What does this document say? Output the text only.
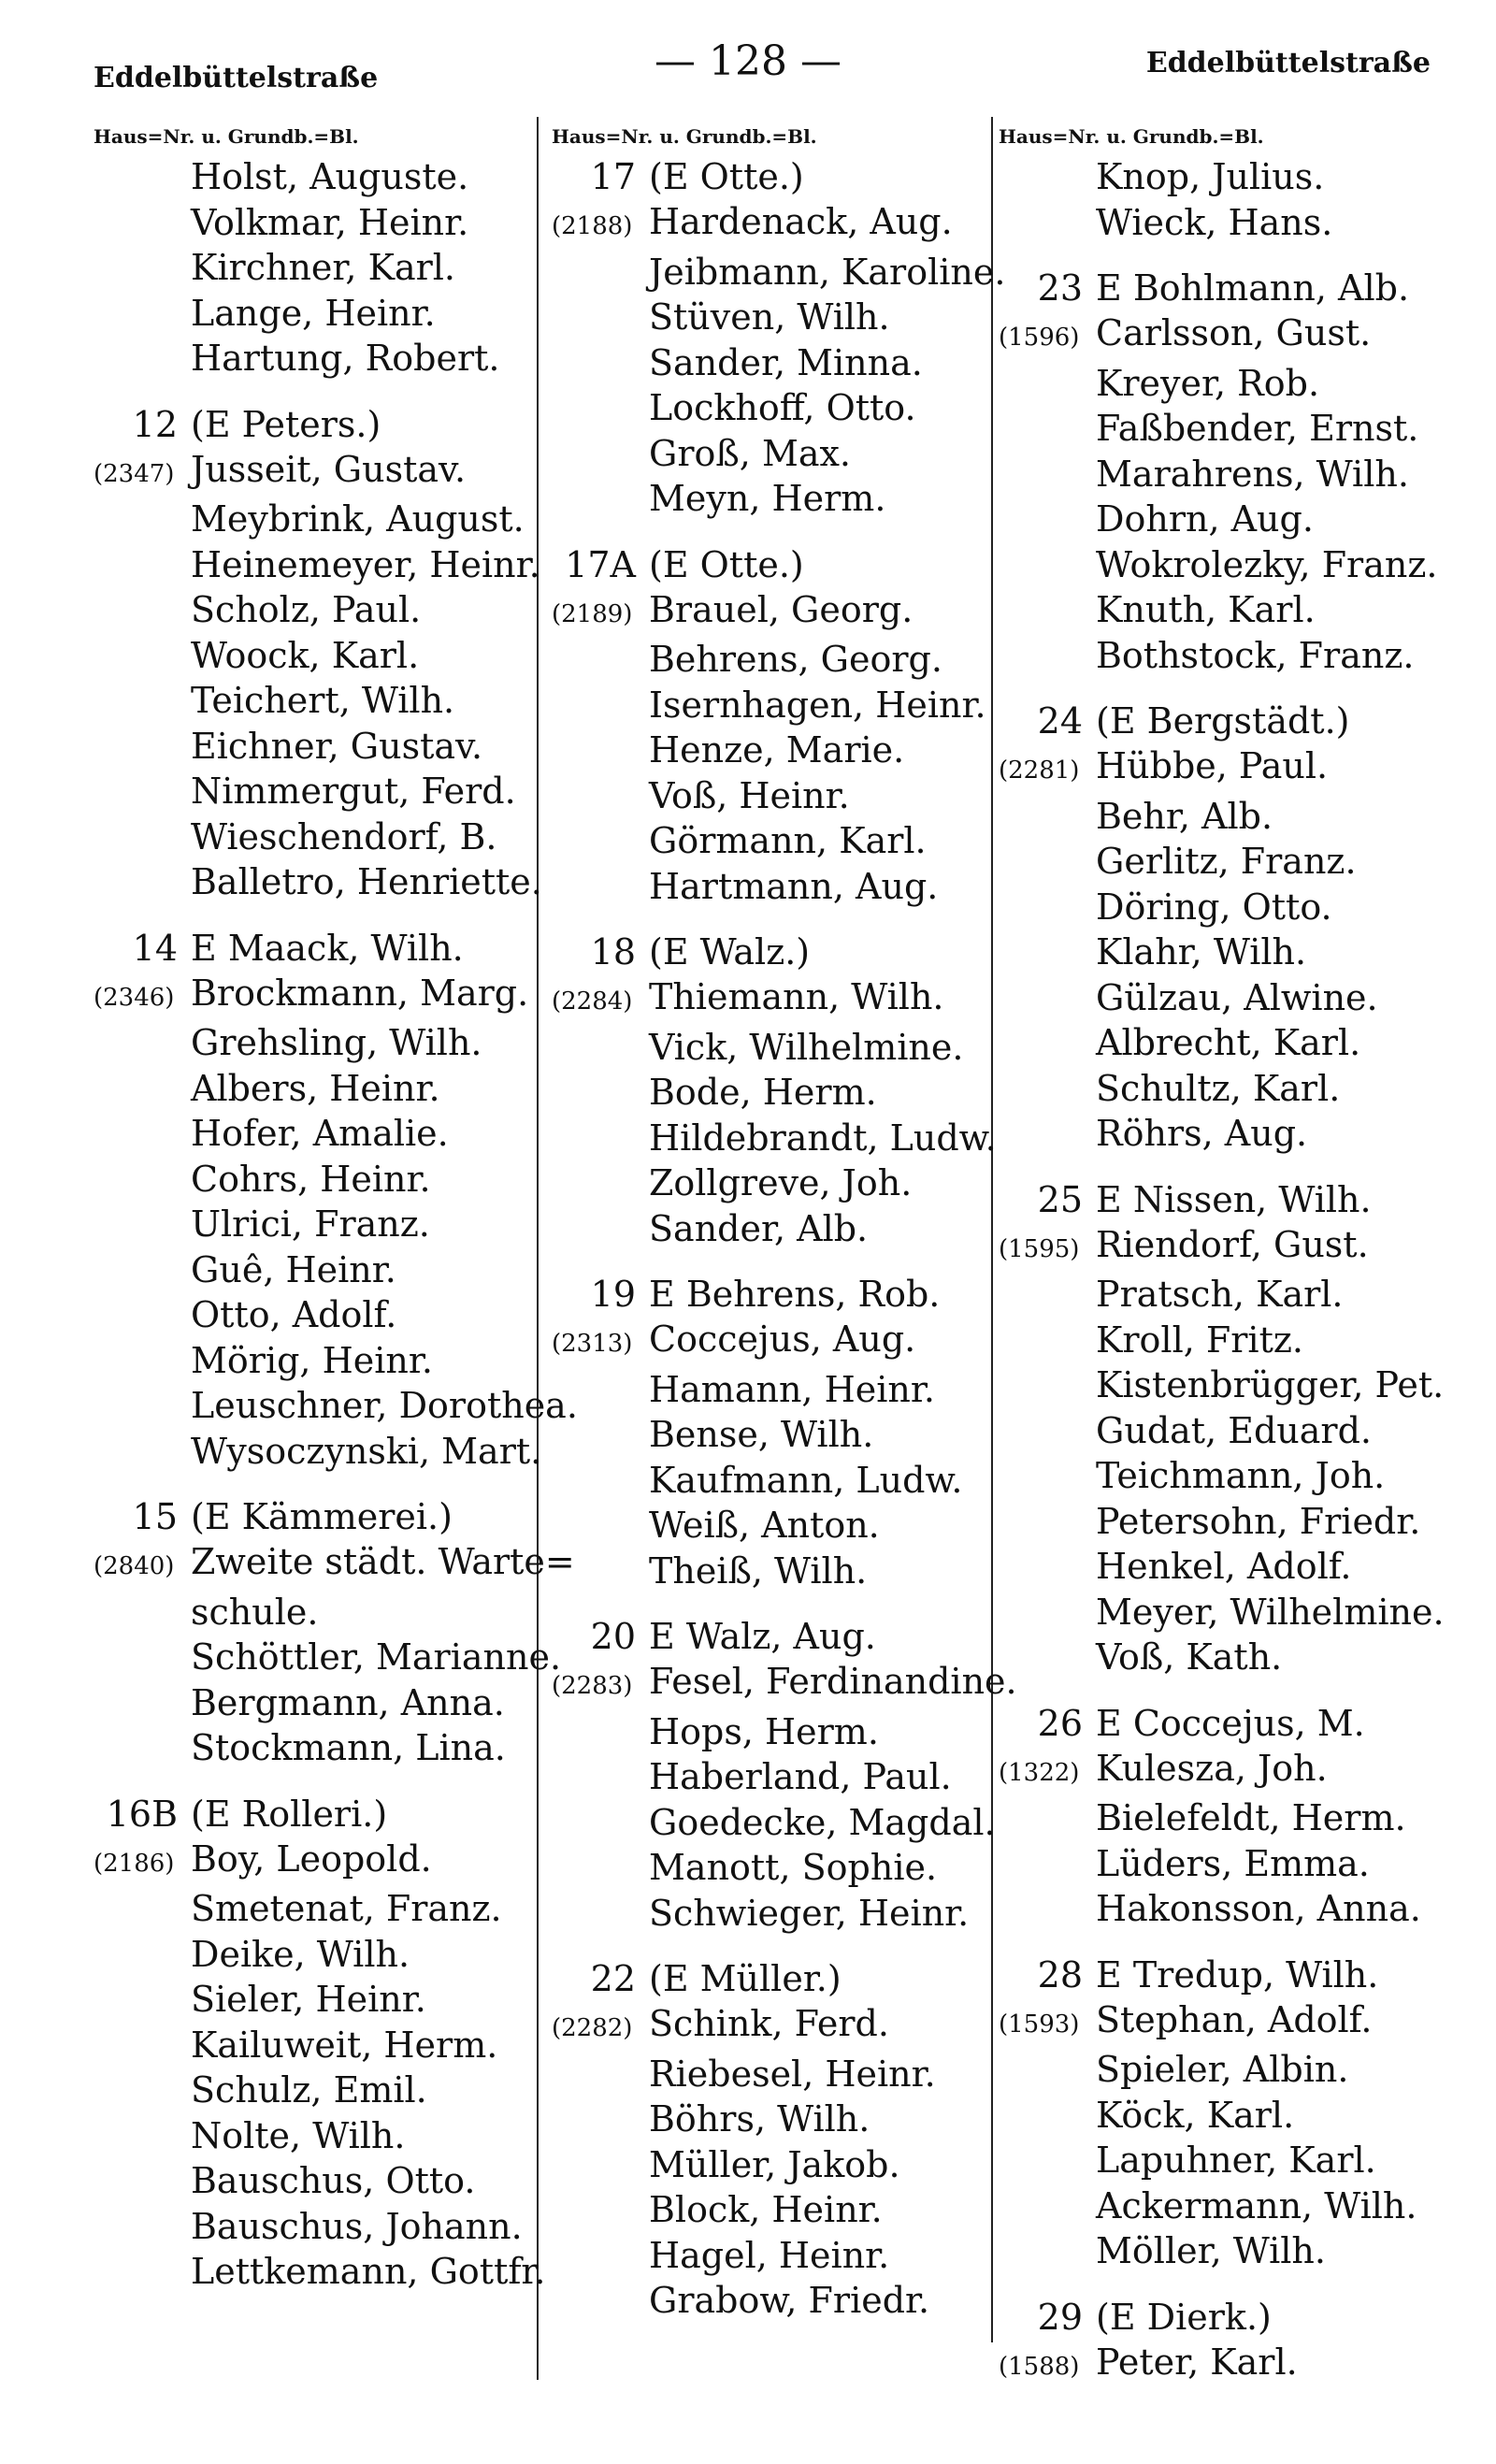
Eddelbüttelstraße	— 128 —	Eddelbüttelstraße
Haus=Nr. u. Grundb.=Bl.
Holst, Auguste.
Volkmar, Heinr.
Kirchner, Karl.
Lange, Heinr.
Hartung, Robert.
12 (E Peters.)
(2347) Jusseit, Gustav.
Meybrink, August.
Heinemeyer, Heinr.
Scholz, Paul.
Woock, Karl.
Teichert, Wilh.
Eichner, Gustav.
Nimmergut, Ferd.
Wieschendorf, B.
Balletro, Henriette.
14 E Maack, Wilh.
(2346) Brockmann, Marg.
Grehsling, Wilh.
Albers, Heinr.
Hofer, Amalie.
Cohrs, Heinr.
Ulrici, Franz.
Guê, Heinr.
Otto, Adolf.
Mörig, Heinr.
Leuschner, Dorothea.
Wysoczynski, Mart.
15 (E Kämmerei.)
(2840) Zweite städt. Warte=
schule.
Schöttler, Marianne.
Bergmann, Anna.
Stockmann, Lina.
16B (E Rolleri.)
(2186) Boy, Leopold.
Smetenat, Franz.
Deike, Wilh.
Sieler, Heinr.
Kailuweit, Herm.
Schulz, Emil.
Nolte, Wilh.
Bauschus, Otto.
Bauschus, Johann.
Lettkemann, Gottfr.
Haus=Nr. u. Grundb.=Bl.
17 (E Otte.)
(2188) Hardenack, Aug.
Jeibmann, Karoline.
Stüven, Wilh.
Sander, Minna.
Lockhoff, Otto.
Groß, Max.
Meyn, Herm.
17A (E Otte.)
(2189) Brauel, Georg.
Behrens, Georg.
Isernhagen, Heinr.
Henze, Marie.
Voß, Heinr.
Görmann, Karl.
Hartmann, Aug.
18 (E Walz.)
(2284) Thiemann, Wilh.
Vick, Wilhelmine.
Bode, Herm.
Hildebrandt, Ludw.
Zollgreve, Joh.
Sander, Alb.
19 E Behrens, Rob.
(2313) Coccejus, Aug.
Hamann, Heinr.
Bense, Wilh.
Kaufmann, Ludw.
Weiß, Anton.
Theiß, Wilh.
20 E Walz, Aug.
(2283) Fesel, Ferdinandine.
Hops, Herm.
Haberland, Paul.
Goedecke, Magdal.
Manott, Sophie.
Schwieger, Heinr.
22 (E Müller.)
(2282) Schink, Ferd.
Riebesel, Heinr.
Böhrs, Wilh.
Müller, Jakob.
Block, Heinr.
Hagel, Heinr.
Grabow, Friedr.
Haus=Nr. u. Grundb.=Bl.
Knop, Julius.
Wieck, Hans.
23 E Bohlmann, Alb.
(1596) Carlsson, Gust.
Kreyer, Rob.
Faßbender, Ernst.
Marahrens, Wilh.
Dohrn, Aug.
Wokrolezky, Franz.
Knuth, Karl.
Bothstock, Franz.
24 (E Bergstädt.)
(2281) Hübbe, Paul.
Behr, Alb.
Gerlitz, Franz.
Döring, Otto.
Klahr, Wilh.
Gülzau, Alwine.
Albrecht, Karl.
Schultz, Karl.
Röhrs, Aug.
25 E Nissen, Wilh.
(1595) Riendorf, Gust.
Pratsch, Karl.
Kroll, Fritz.
Kistenbrügger, Pet.
Gudat, Eduard.
Teichmann, Joh.
Petersohn, Friedr.
Henkel, Adolf.
Meyer, Wilhelmine.
Voß, Kath.
26 E Coccejus, M.
(1322) Kulesza, Joh.
Bielefeldt, Herm.
Lüders, Emma.
Hakonsson, Anna.
28 E Tredup, Wilh.
(1593) Stephan, Adolf.
Spieler, Albin.
Köck, Karl.
Lapuhner, Karl.
Ackermann, Wilh.
Möller, Wilh.
29 (E Dierk.)
(1588) Peter, Karl.
